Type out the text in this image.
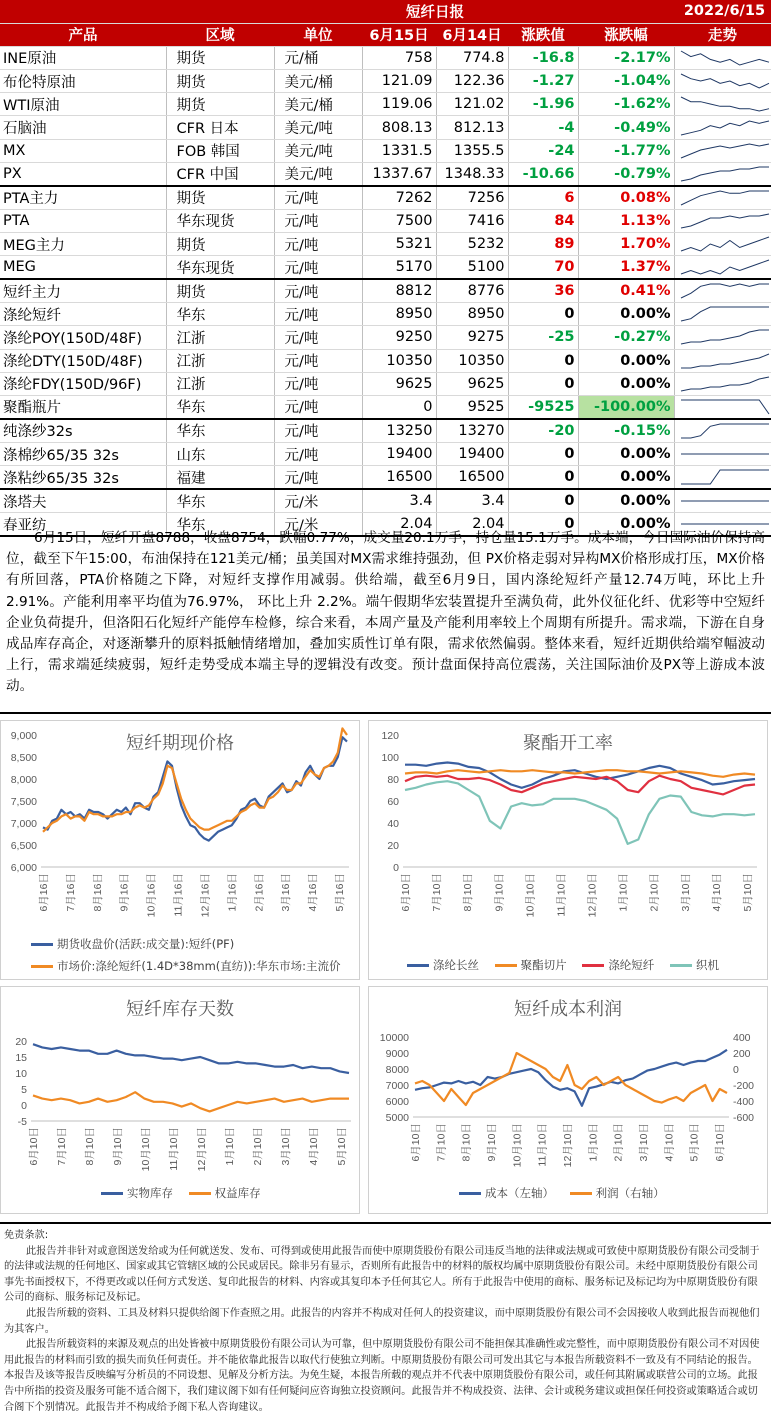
			短纤日报		2022/6/15		
产品	区域	单位	6月15日	6月14日	涨跌值	涨跌幅	走势
INE原油	期货	元/桶	758	774.8	-16.8	-2.17%	

布伦特原油	期货	美元/桶	121.09	122.36	-1.27	-1.04%	

WTI原油	期货	美元/桶	119.06	121.02	-1.96	-1.62%	

石脑油	CFR 日本	美元/吨	808.13	812.13	-4	-0.49%	

MX	FOB 韩国	美元/吨	1331.5	1355.5	-24	-1.77%	

PX	CFR 中国	美元/吨	1337.67	1348.33	-10.66	-0.79%	

PTA主力	期货	元/吨	7262	7256	6	0.08%	

PTA	华东现货	元/吨	7500	7416	84	1.13%	

MEG主力	期货	元/吨	5321	5232	89	1.70%	

MEG	华东现货	元/吨	5170	5100	70	1.37%	

短纤主力	期货	元/吨	8812	8776	36	0.41%	

涤纶短纤	华东	元/吨	8950	8950	0	0.00%	

涤纶POY(150D/48F)	江浙	元/吨	9250	9275	-25	-0.27%	

涤纶DTY(150D/48F)	江浙	元/吨	10350	10350	0	0.00%	

涤纶FDY(150D/96F)	江浙	元/吨	9625	9625	0	0.00%	

聚酯瓶片	华东	元/吨	0	9525	-9525	-100.00%	

纯涤纱32s	华东	元/吨	13250	13270	-20	-0.15%	

涤棉纱65/35 32s	山东	元/吨	19400	19400	0	0.00%	

涤粘纱65/35 32s	福建	元/吨	16500	16500	0	0.00%	

涤塔夫	华东	元/米	3.4	3.4	0	0.00%	

春亚纺	华东	元/米	2.04	2.04	0	0.00%	
6月15日，短纤开盘8788，收盘8754，跌幅0.77%，成交量20.1万手，持仓量15.1万手。成本端，今日国际油价保持高位，截至下午15:00，布油保持在121美元/桶；虽美国对MX需求维持强劲，但 PX价格走弱对异构MX价格形成打压，MX价格有所回落，PTA价格随之下降，对短纤支撑作用减弱。供给端，截至6月9日，国内涤纶短纤产量12.74万吨，环比上升2.91%。产能利用率平均值为76.97%， 环比上升 2.2%。端午假期华宏装置提升至满负荷，此外仪征化纤、优彩等中空短纤企业负荷提升，但洛阳石化短纤产能停车检修，综合来看，本周产量及产能利用率较上个周期有所提升。需求端，下游在自身成品库存高企，对逐渐攀升的原料抵触情绪增加，叠加实质性订单有限，需求依然偏弱。整体来看，短纤近期供给端窄幅波动上行，需求端延续疲弱，短纤走势受成本端主导的逻辑没有改变。预计盘面保持高位震荡，关注国际油价及PX等上游成本波动。
短纤期现价格
9,000
8,500
8,000
7,500
7,000
6,500
6,000
6月16日 7月16日 8月16日 9月16日 10月16日 11月16日 12月16日 1月16日 2月16日 3月16日 4月16日 5月16日
期货收盘价(活跃:成交量):短纤(PF)
市场价:涤纶短纤(1.4D*38mm(直纺)):华东市场:主流价
聚酯开工率
120
100
80
60
40
20
0
6月10日 7月10日 8月10日 9月10日 10月10日 11月10日 12月10日 1月10日 2月10日 3月10日 4月10日 5月10日
涤纶长丝	聚酯切片	涤纶短纤	织机
短纤库存天数
20
15
10
5
0
-5
6月10日 7月10日 8月10日 9月10日 10月10日 11月10日 12月10日 1月10日 2月10日 3月10日 4月10日 5月10日
实物库存	权益库存
短纤成本利润
10000
9000
8000
7000
6000
5000
400
200
0
-200
-400
-600
6月10日 7月10日 8月10日 9月10日 10月10日 11月10日 12月10日 1月10日 2月10日 3月10日 4月10日 5月10日 6月10日
成本（左轴）	利润（右轴）
免责条款:
此报告并非针对或意图送发给或为任何就送发、发布、可得到或使用此报告而使中原期货股份有限公司违反当地的法律或法规或可致使中原期货股份有限公司受制于的法律或法规的任何地区、国家或其它管辖区域的公民或居民。除非另有显示，否则所有此报告中的材料的版权均属中原期货股份有限公司。未经中原期货股份有限公司事先书面授权下，不得更改或以任何方式发送、复印此报告的材料、内容或其复印本予任何其它人。所有于此报告中使用的商标、服务标记及标记均为中原期货股份有限公司的商标、服务标记及标记。
此报告所载的资料、工具及材料只提供给阁下作查照之用。此报告的内容并不构成对任何人的投资建议，而中原期货股份有限公司不会因接收人收到此报告而视他们为其客户。
此报告所载资料的来源及观点的出处皆被中原期货股份有限公司认为可靠，但中原期货股份有限公司不能担保其准确性或完整性，而中原期货股份有限公司不对因使用此报告的材料而引致的损失而负任何责任。并不能依靠此报告以取代行使独立判断。中原期货股份有限公司可发出其它与本报告所载资料不一致及有不同结论的报告。本报告及该等报告反映编写分析员的不同设想、见解及分析方法。为免生疑，本报告所载的观点并不代表中原期货股份有限公司，或任何其附属或联营公司的立场。此报告中所指的投资及服务可能不适合阁下，我们建议阁下如有任何疑问应咨询独立投资顾问。此报告并不构成投资、法律、会计或税务建议或担保任何投资或策略适合或切合阁下个别情况。此报告并不构成给予阁下私人咨询建议。
